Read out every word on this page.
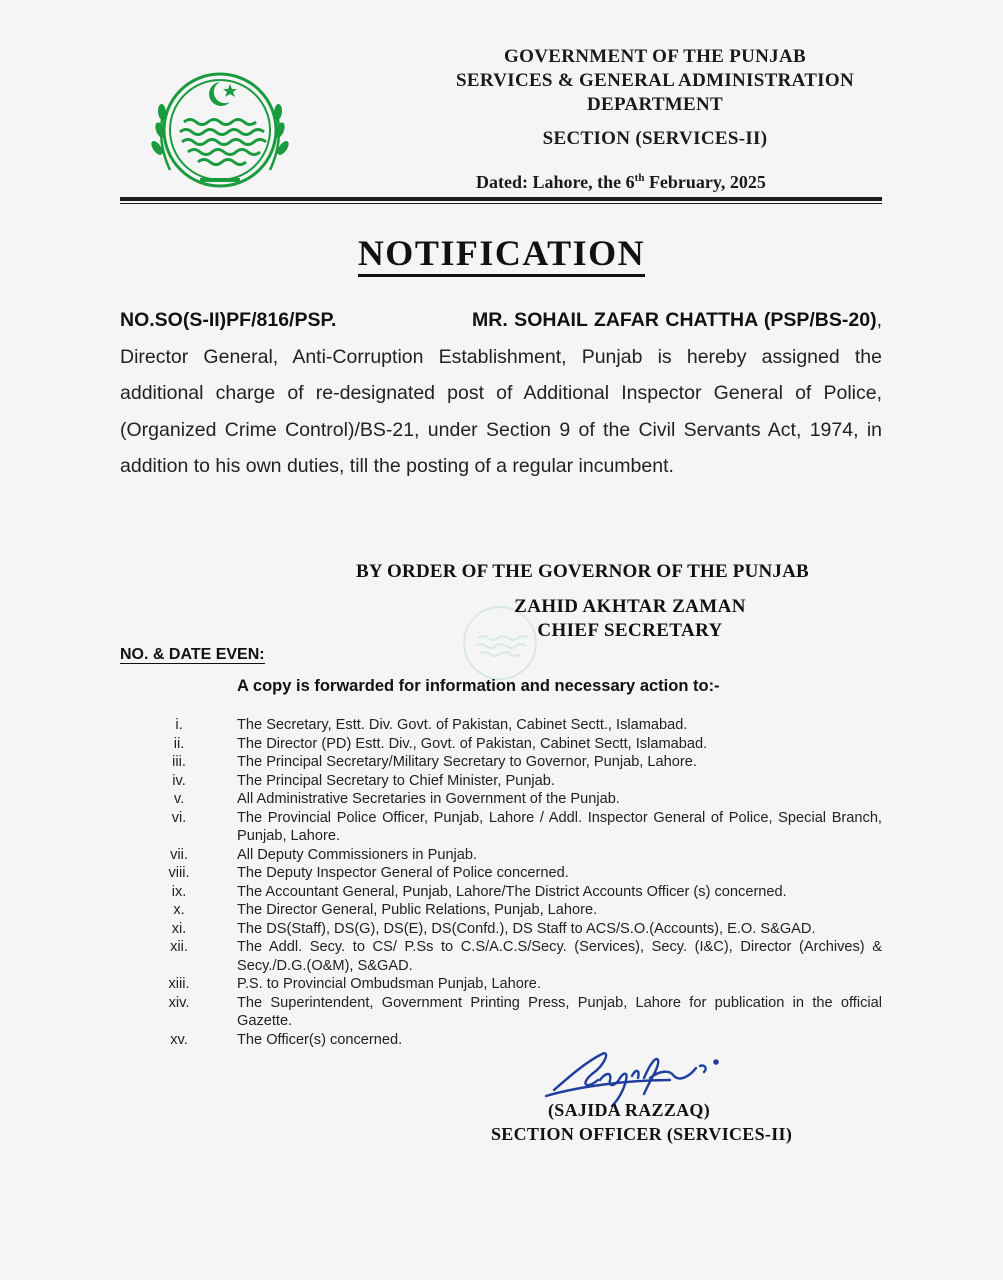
GOVERNMENT OF THE PUNJAB
SERVICES & GENERAL ADMINISTRATION
DEPARTMENT
SECTION (SERVICES-II)
Dated: Lahore, the 6th February, 2025
NOTIFICATION
NO.SO(S-II)PF/816/PSP.	MR. SOHAIL ZAFAR CHATTHA (PSP/BS-20), Director General, Anti-Corruption Establishment, Punjab is hereby assigned the additional charge of re-designated post of Additional Inspector General of Police, (Organized Crime Control)/BS-21, under Section 9 of the Civil Servants Act, 1974, in addition to his own duties, till the posting of a regular incumbent.
BY ORDER OF THE GOVERNOR OF THE PUNJAB
ZAHID AKHTAR ZAMAN
CHIEF SECRETARY
NO. & DATE EVEN:
A copy is forwarded for information and necessary action to:-
i.	The Secretary, Estt. Div. Govt. of Pakistan, Cabinet Sectt., Islamabad.
ii.	The Director (PD) Estt. Div., Govt. of Pakistan, Cabinet Sectt, Islamabad.
iii.	The Principal Secretary/Military Secretary to Governor, Punjab, Lahore.
iv.	The Principal Secretary to Chief Minister, Punjab.
v.	All Administrative Secretaries in Government of the Punjab.
vi.	The Provincial Police Officer, Punjab, Lahore / Addl. Inspector General of Police, Special Branch, Punjab, Lahore.
vii.	All Deputy Commissioners in Punjab.
viii.	The Deputy Inspector General of Police concerned.
ix.	The Accountant General, Punjab, Lahore/The District Accounts Officer (s) concerned.
x.	The Director General, Public Relations, Punjab, Lahore.
xi.	The DS(Staff), DS(G), DS(E), DS(Confd.), DS Staff to ACS/S.O.(Accounts), E.O. S&GAD.
xii.	The Addl. Secy. to CS/ P.Ss to C.S/A.C.S/Secy. (Services), Secy. (I&C), Director (Archives) & Secy./D.G.(O&M), S&GAD.
xiii.	P.S. to Provincial Ombudsman Punjab, Lahore.
xiv.	The Superintendent, Government Printing Press, Punjab, Lahore for publication in the official Gazette.
xv.	The Officer(s) concerned.
(SAJIDA RAZZAQ)
SECTION OFFICER (SERVICES-II)
